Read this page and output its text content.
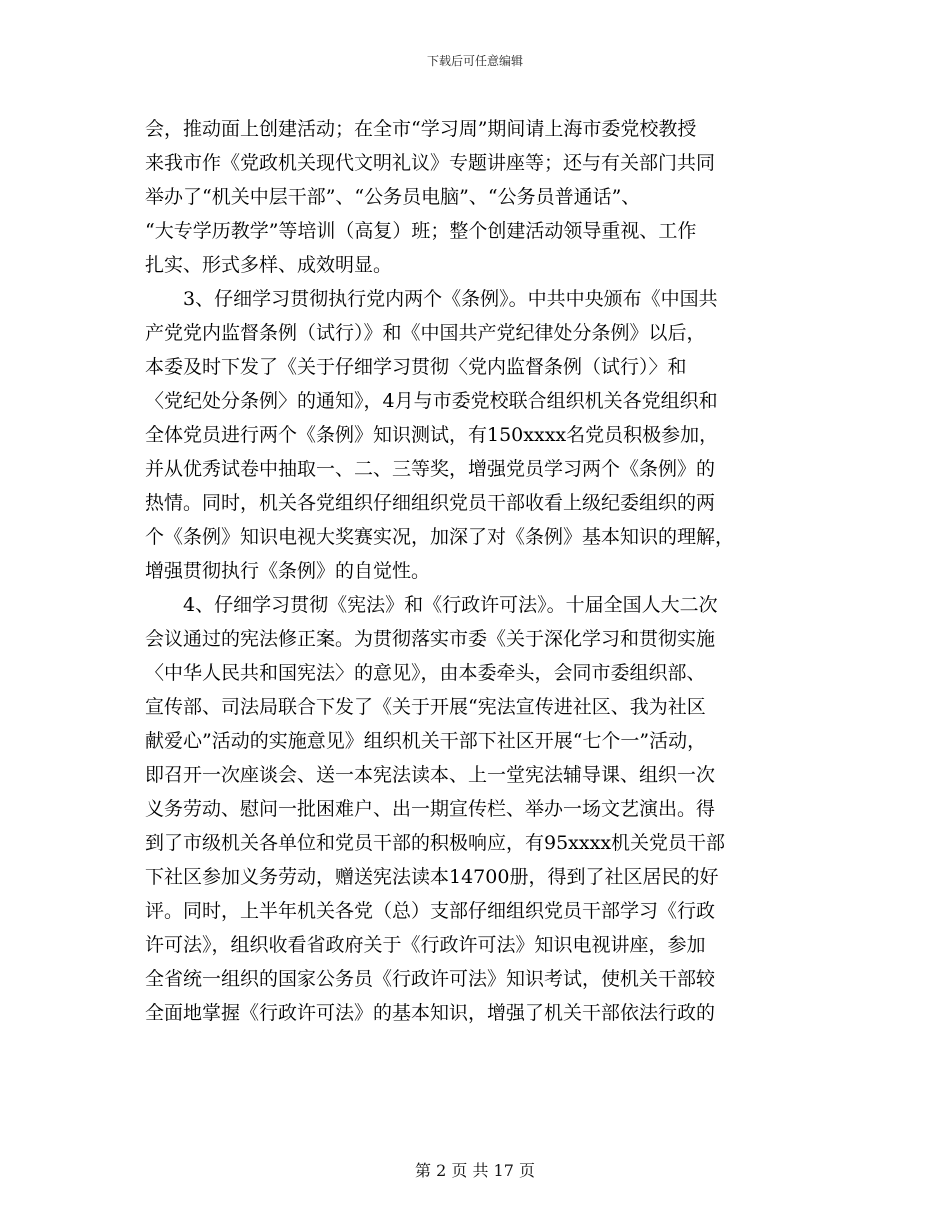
下载后可任意编辑
会，推动面上创建活动；在全市“学习周”期间请上海市委党校教授
来我市作《党政机关现代文明礼议》专题讲座等；还与有关部门共同
举办了“机关中层干部”、“公务员电脑”、“公务员普通话”、
“大专学历教学”等培训（高复）班；整个创建活动领导重视、工作
扎实、形式多样、成效明显。
　　3、仔细学习贯彻执行党内两个《条例》。中共中央颁布《中国共
产党党内监督条例（试行）》和《中国共产党纪律处分条例》以后，
本委及时下发了《关于仔细学习贯彻〈党内监督条例（试行）〉和
〈党纪处分条例〉的通知》，4月与市委党校联合组织机关各党组织和
全体党员进行两个《条例》知识测试，有150xxxx名党员积极参加，
并从优秀试卷中抽取一、二、三等奖，增强党员学习两个《条例》的
热情。同时，机关各党组织仔细组织党员干部收看上级纪委组织的两
个《条例》知识电视大奖赛实况，加深了对《条例》基本知识的理解，
增强贯彻执行《条例》的自觉性。
　　4、仔细学习贯彻《宪法》和《行政许可法》。十届全国人大二次
会议通过的宪法修正案。为贯彻落实市委《关于深化学习和贯彻实施
〈中华人民共和国宪法〉的意见》，由本委牵头，会同市委组织部、
宣传部、司法局联合下发了《关于开展“宪法宣传进社区、我为社区
献爱心”活动的实施意见》组织机关干部下社区开展“七个一”活动，
即召开一次座谈会、送一本宪法读本、上一堂宪法辅导课、组织一次
义务劳动、慰问一批困难户、出一期宣传栏、举办一场文艺演出。得
到了市级机关各单位和党员干部的积极响应，有95xxxx机关党员干部
下社区参加义务劳动，赠送宪法读本14700册，得到了社区居民的好
评。同时，上半年机关各党（总）支部仔细组织党员干部学习《行政
许可法》，组织收看省政府关于《行政许可法》知识电视讲座，参加
全省统一组织的国家公务员《行政许可法》知识考试，使机关干部较
全面地掌握《行政许可法》的基本知识，增强了机关干部依法行政的
第 2 页 共 17 页
